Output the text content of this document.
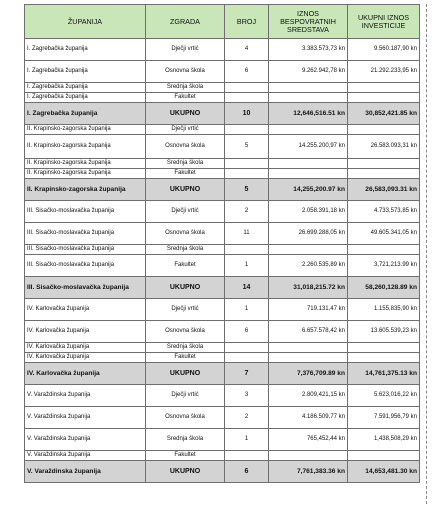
ŽUPANIJA	ZGRADA	BROJ	IZNOS BESPOVRATNIH SREDSTAVA	UKUPNI IZNOS INVESTICIJE
I. Zagrebačka županija	Dječji vrtić	4	3.383.573,73 kn	9.560.187,90 kn
I. Zagrebačka županija	Osnovna škola	6	9.262.942,78 kn	21.292.233,95 kn
I. Zagrebačka županija	Srednja škola			
I. Zagrebačka županija	Fakultet			
I. Zagrebačka županija	UKUPNO	10	12,646,516.51 kn	30,852,421.85 kn
II. Krapinsko-zagorska županija	Dječji vrtić			
II. Krapinsko-zagorska županija	Osnovna škola	5	14.255.200,97 kn	26.583.093,31 kn
II. Krapinsko-zagorska županija	Srednja škola			
II. Krapinsko-zagorska županija	Fakultet			
II. Krapinsko-zagorska županija	UKUPNO	5	14,255,200.97 kn	26,583,093.31 kn
III. Sisačko-moslavačka županija	Dječji vrtić	2	2.058.391,18 kn	4.733,573,85 kn
III. Sisačko-moslavačka županija	Osnovna škola	11	26.699.288,05 kn	49.605.341,05 kn
III. Sisačko-moslavačka županija	Srednja škola			
III. Sisačko-moslavačka županija	Fakultet	1	2.260.535,89 kn	3,721,213.99 kn
III. Sisačko-moslavačka županija	UKUPNO	14	31,018,215.72 kn	58,260,128.89 kn
IV. Karlovačka županija	Dječji vrtić	1	719.131,47 kn	1.155,835,90 kn
IV. Karlovačka županija	Osnovna škola	6	6.657.578,42 kn	13.605.539,23 kn
IV. Karlovačka županija	Srednja škola			
IV. Karlovačka županija	Fakultet			
IV. Karlovačka županija	UKUPNO	7	7,376,709.89 kn	14,761,375.13 kn
V. Varaždinska županija	Dječji vrtić	3	2.809,421,15 kn	5.623,016,22 kn
V. Varaždinska županija	Osnovna škola	2	4.186.509,77 kn	7.591,956,79 kn
V. Varaždinska županija	Srednja škola	1	765,452,44 kn	1,438,508,29 kn
V. Varaždinska županija	Fakultet			
V. Varaždinska županija	UKUPNO	6	7,761,383.36 kn	14,653,481.30 kn
